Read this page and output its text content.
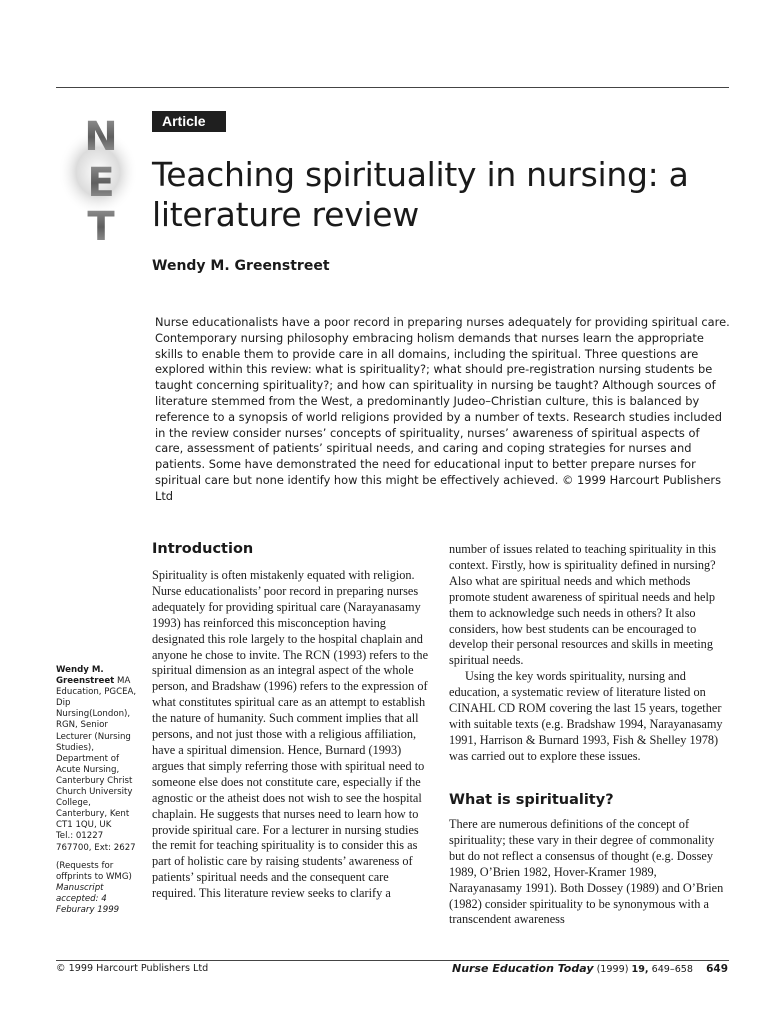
N
E
T
Article
Teaching spirituality in nursing: a literature review
Wendy M. Greenstreet

Nurse educationalists have a poor record in preparing nurses adequately for providing spiritual care. Contemporary nursing philosophy embracing holism demands that nurses learn the appropriate skills to enable them to provide care in all domains, including the spiritual. Three questions are explored within this review: what is spirituality?; what should pre-registration nursing students be taught concerning spirituality?; and how can spirituality in nursing be taught? Although sources of literature stemmed from the West, a predominantly Judeo–Christian culture, this is balanced by reference to a synopsis of world religions provided by a number of texts. Research studies included in the review consider nurses’ concepts of spirituality, nurses’ awareness of spiritual aspects of care, assessment of patients’ spiritual needs, and caring and coping strategies for nurses and patients. Some have demonstrated the need for educational input to better prepare nurses for spiritual care but none identify how this might be effectively achieved. © 1999 Harcourt Publishers Ltd

Introduction

Spirituality is often mistakenly equated with religion. Nurse educationalists’ poor record in preparing nurses adequately for providing spiritual care (Narayanasamy 1993) has reinforced this misconception having designated this role largely to the hospital chaplain and anyone he chose to invite. The RCN (1993) refers to the spiritual dimension as an integral aspect of the whole person, and Bradshaw (1996) refers to the expression of what constitutes spiritual care as an attempt to establish the nature of humanity. Such comment implies that all persons, and not just those with a religious affiliation, have a spiritual dimension. Hence, Burnard (1993) argues that simply referring those with spiritual need to someone else does not constitute care, especially if the agnostic or the atheist does not wish to see the hospital chaplain. He suggests that nurses need to learn how to provide spiritual care. For a lecturer in nursing studies the remit for teaching spirituality is to consider this as part of holistic care by raising students’ awareness of patients’ spiritual needs and the consequent care required. This literature review seeks to clarify a

number of issues related to teaching spirituality in this context. Firstly, how is spirituality defined in nursing? Also what are spiritual needs and which methods promote student awareness of spiritual needs and help them to acknowledge such needs in others? It also considers, how best students can be encouraged to develop their personal resources and skills in meeting spiritual needs.

Using the key words spirituality, nursing and education, a systematic review of literature listed on CINAHL CD ROM covering the last 15 years, together with suitable texts (e.g. Bradshaw 1994, Narayanasamy 1991, Harrison & Burnard 1993, Fish & Shelley 1978) was carried out to explore these issues.

What is spirituality?

There are numerous definitions of the concept of spirituality; these vary in their degree of commonality but do not reflect a consensus of thought (e.g. Dossey 1989, O’Brien 1982, Hover-Kramer 1989, Narayanasamy 1991). Both Dossey (1989) and O’Brien (1982) consider spirituality to be synonymous with a transcendent awareness

Wendy M. Greenstreet MA Education, PGCEA, Dip Nursing(London), RGN, Senior Lecturer (Nursing Studies), Department of Acute Nursing, Canterbury Christ Church University College, Canterbury, Kent CT1 1QU, UK

Tel.: 01227 767700, Ext: 2627

(Requests for offprints to WMG)

Manuscript accepted: 4 Feburary 1999

© 1999 Harcourt Publishers Ltd	Nurse Education Today (1999) 19, 649–658 649
